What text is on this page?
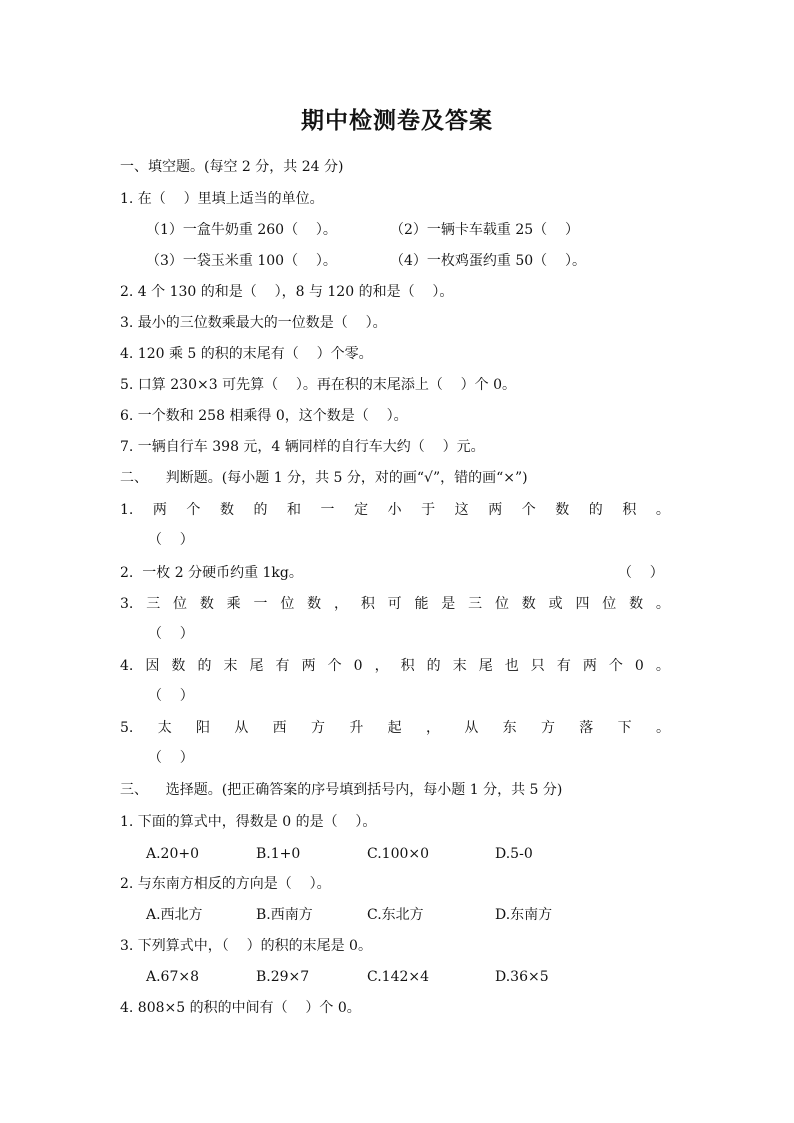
期中检测卷及答案
一、填空题。(每空 2 分，共 24 分)
1. 在（    ）里填上适当的单位。
（1）一盒牛奶重 260（    ）。	（2）一辆卡车载重 25（    ）
（3）一袋玉米重 100（    ）。	（4）一枚鸡蛋约重 50（    ）。
2. 4 个 130 的和是（    ），8 与 120 的和是（    ）。
3. 最小的三位数乘最大的一位数是（    ）。
4. 120 乘 5 的积的末尾有（    ）个零。
5. 口算 230×3 可先算（    ）。再在积的末尾添上（    ）个 0。
6. 一个数和 258 相乘得 0，这个数是（    ）。
7. 一辆自行车 398 元，4 辆同样的自行车大约（    ）元。
二、    判断题。(每小题 1 分，共 5 分，对的画“√”，错的画“×”)
1. 两 个 数 的 和 一 定 小 于 这 两 个 数 的 积 。
（    ）
2.  一枚 2 分硬币约重 1kg。	（    ）
3. 三 位 数 乘 一 位 数 ， 积 可 能 是 三 位 数 或 四 位 数 。
（    ）
4. 因 数 的 末 尾 有 两 个 0 ， 积 的 末 尾 也 只 有 两 个 0 。
（    ）
5. 太 阳 从 西 方 升 起 ， 从 东 方 落 下 。
（    ）
三、    选择题。(把正确答案的序号填到括号内，每小题 1 分，共 5 分)
1. 下面的算式中，得数是 0 的是（    ）。
A.20+0	B.1+0	C.100×0	D.5-0
2. 与东南方相反的方向是（    ）。
A.西北方	B.西南方	C.东北方	D.东南方
3. 下列算式中，（    ）的积的末尾是 0。
A.67×8	B.29×7	C.142×4	D.36×5
4. 808×5 的积的中间有（    ）个 0。
